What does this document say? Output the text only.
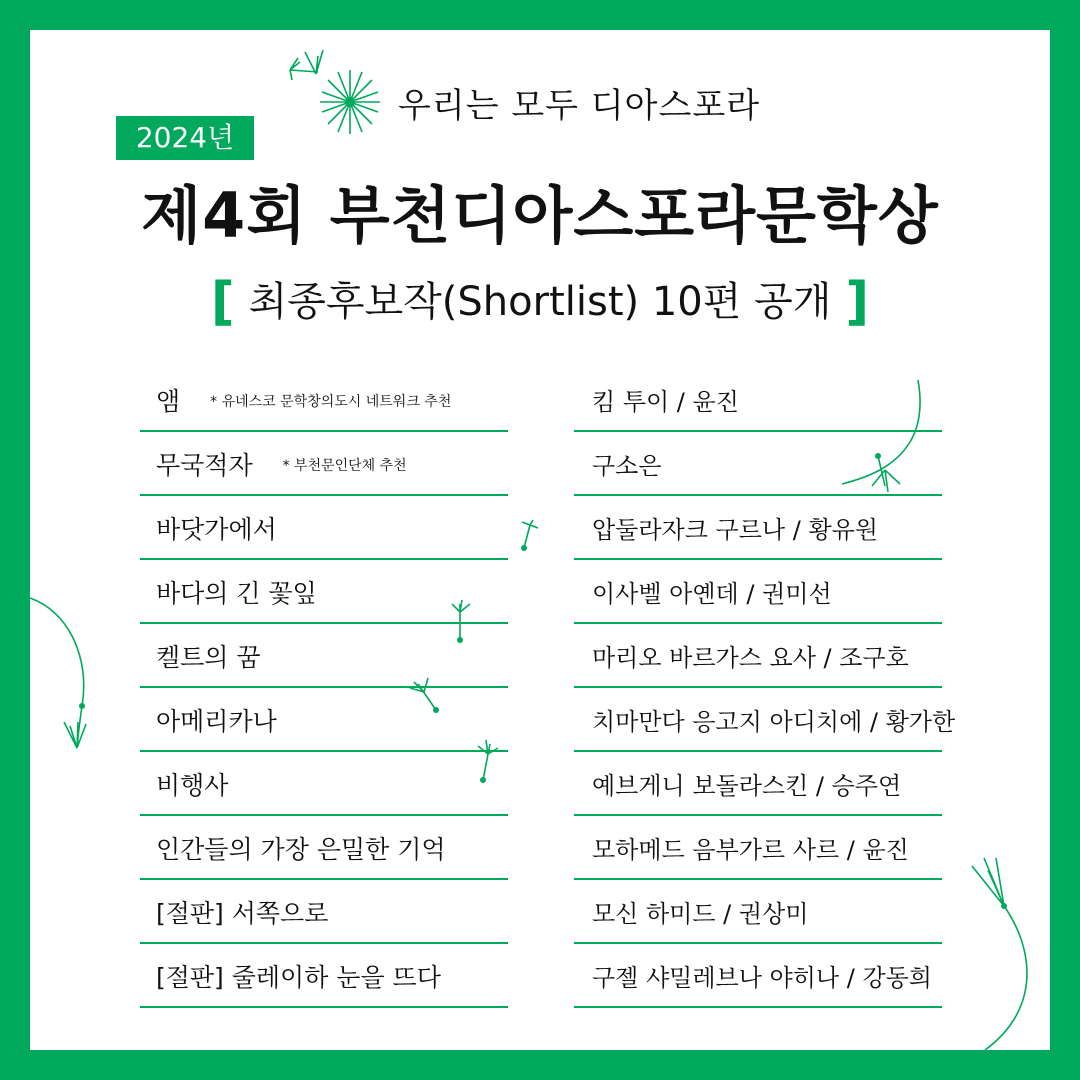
우리는 모두 디아스포라
2024년
제4회 부천디아스포라문학상
[ 최종후보작(Shortlist) 10편 공개 ]
앰 * 유네스코 문학창의도시 네트워크 추천
무국적자 * 부천문인단체 추천
바닷가에서
바다의 긴 꽃잎
켈트의 꿈
아메리카나
비행사
인간들의 가장 은밀한 기억
[절판] 서쪽으로
[절판] 줄레이하 눈을 뜨다
킴 투이 / 윤진
구소은
압둘라자크 구르나 / 황유원
이사벨 아옌데 / 권미선
마리오 바르가스 요사 / 조구호
치마만다 응고지 아디치에 / 황가한
예브게니 보돌라스킨 / 승주연
모하메드 음부가르 사르 / 윤진
모신 하미드 / 권상미
구젤 샤밀레브나 야히나 / 강동희
